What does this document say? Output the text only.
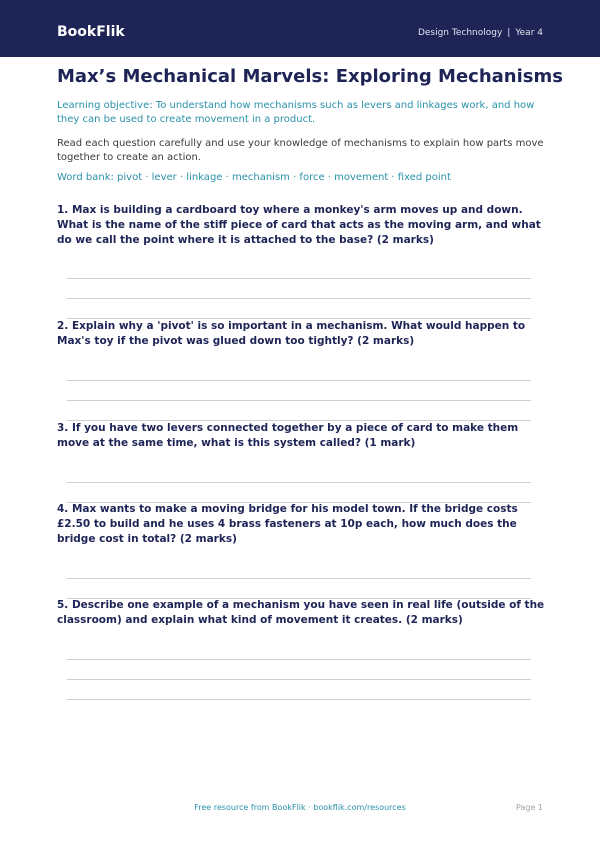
BookFlik	Design Technology | Year 4
Max’s Mechanical Marvels: Exploring Mechanisms
Learning objective: To understand how mechanisms such as levers and linkages work, and how they can be used to create movement in a product.
Read each question carefully and use your knowledge of mechanisms to explain how parts move together to create an action.
Word bank: pivot · lever · linkage · mechanism · force · movement · fixed point
1. Max is building a cardboard toy where a monkey's arm moves up and down. What is the name of the stiff piece of card that acts as the moving arm, and what do we call the point where it is attached to the base? (2 marks)
2. Explain why a 'pivot' is so important in a mechanism. What would happen to Max's toy if the pivot was glued down too tightly? (2 marks)
3. If you have two levers connected together by a piece of card to make them move at the same time, what is this system called? (1 mark)
4. Max wants to make a moving bridge for his model town. If the bridge costs £2.50 to build and he uses 4 brass fasteners at 10p each, how much does the bridge cost in total? (2 marks)
5. Describe one example of a mechanism you have seen in real life (outside of the classroom) and explain what kind of movement it creates. (2 marks)
Free resource from BookFlik · bookflik.com/resources	Page 1
